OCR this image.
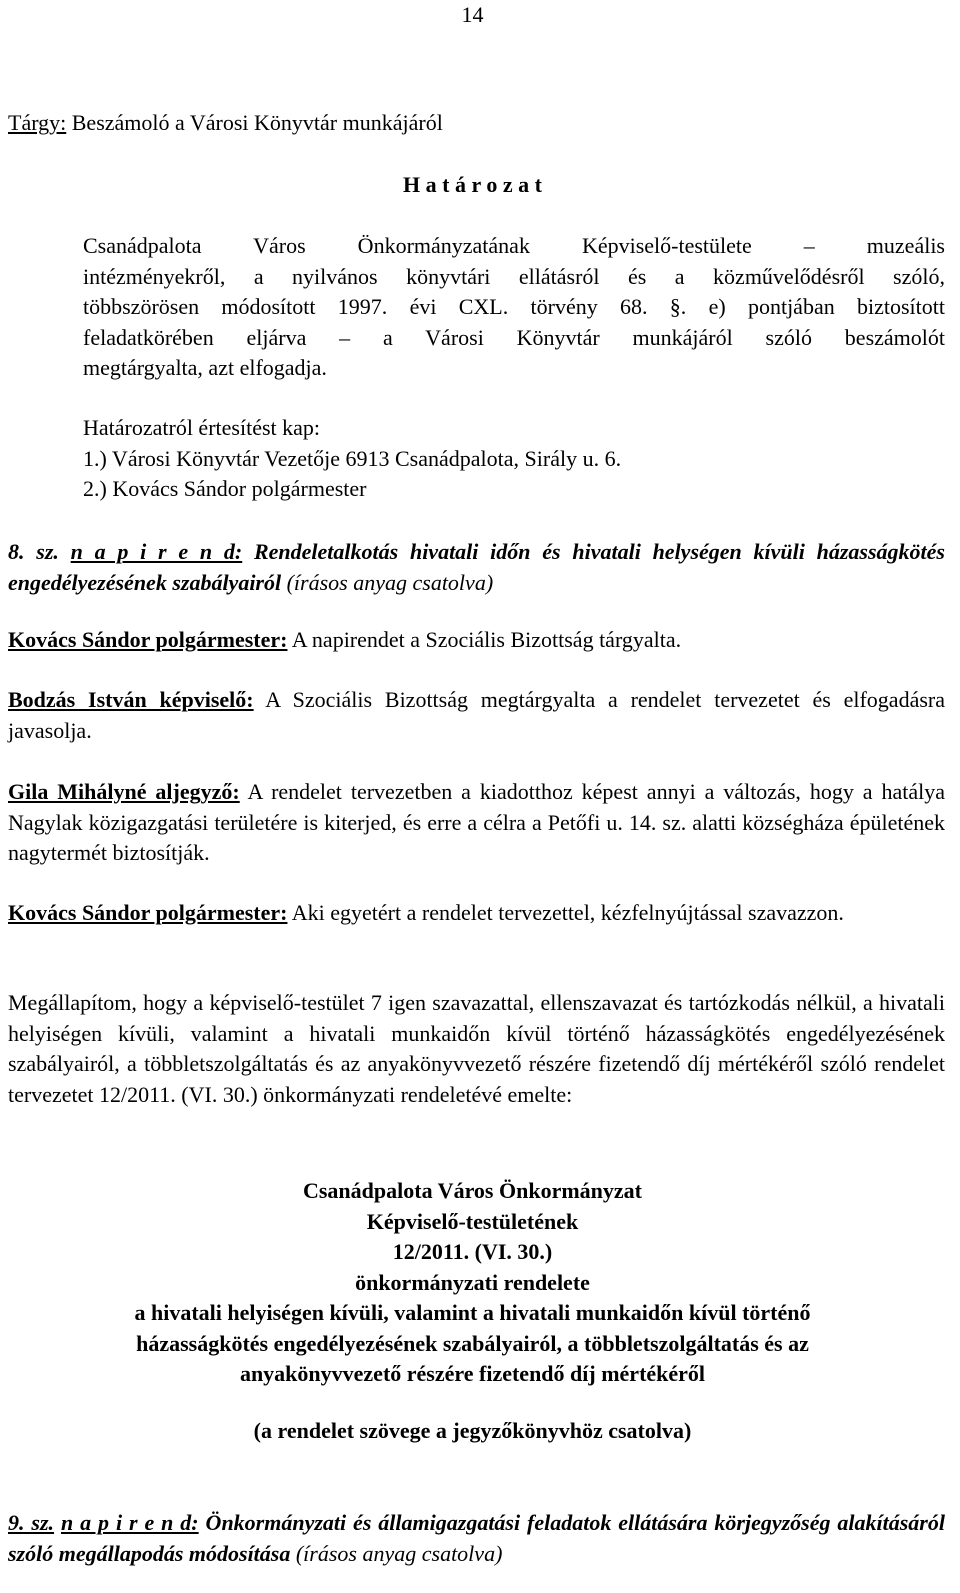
14
Tárgy: Beszámoló a Városi Könyvtár munkájáról
H a t á r o z a t
Csanádpalota Város Önkormányzatának Képviselő-testülete – muzeális
intézményekről, a nyilvános könyvtári ellátásról és a közművelődésről szóló,
többszörösen módosított 1997. évi CXL. törvény 68. §. e) pontjában biztosított
feladatkörében eljárva – a Városi Könyvtár munkájáról szóló beszámolót
megtárgyalta, azt elfogadja.
Határozatról értesítést kap:
1.) Városi Könyvtár Vezetője 6913 Csanádpalota, Sirály u. 6.
2.) Kovács Sándor polgármester
8. sz. n a p i r e n d: Rendeletalkotás hivatali időn és hivatali helységen kívüli házasságkötés engedélyezésének szabályairól (írásos anyag csatolva)
Kovács Sándor polgármester: A napirendet a Szociális Bizottság tárgyalta.
Bodzás István képviselő: A Szociális Bizottság megtárgyalta a rendelet tervezetet és elfogadásra javasolja.
Gila Mihályné aljegyző: A rendelet tervezetben a kiadotthoz képest annyi a változás, hogy a hatálya Nagylak közigazgatási területére is kiterjed, és erre a célra a Petőfi u. 14. sz. alatti községháza épületének nagytermét biztosítják.
Kovács Sándor polgármester: Aki egyetért a rendelet tervezettel, kézfelnyújtással szavazzon.
Megállapítom, hogy a képviselő-testület 7 igen szavazattal, ellenszavazat és tartózkodás nélkül, a hivatali helyiségen kívüli, valamint a hivatali munkaidőn kívül történő házasságkötés engedélyezésének szabályairól, a többletszolgáltatás és az anyakönyvvezető részére fizetendő díj mértékéről szóló rendelet tervezetet 12/2011. (VI. 30.) önkormányzati rendeletévé emelte:
Csanádpalota Város Önkormányzat
Képviselő-testületének
12/2011. (VI. 30.)
önkormányzati rendelete
a hivatali helyiségen kívüli, valamint a hivatali munkaidőn kívül történő
házasságkötés engedélyezésének szabályairól, a többletszolgáltatás és az
anyakönyvvezető részére fizetendő díj mértékéről
(a rendelet szövege a jegyzőkönyvhöz csatolva)
9. sz. n a p i r e n d: Önkormányzati és államigazgatási feladatok ellátására körjegyzőség alakításáról szóló megállapodás módosítása (írásos anyag csatolva)
